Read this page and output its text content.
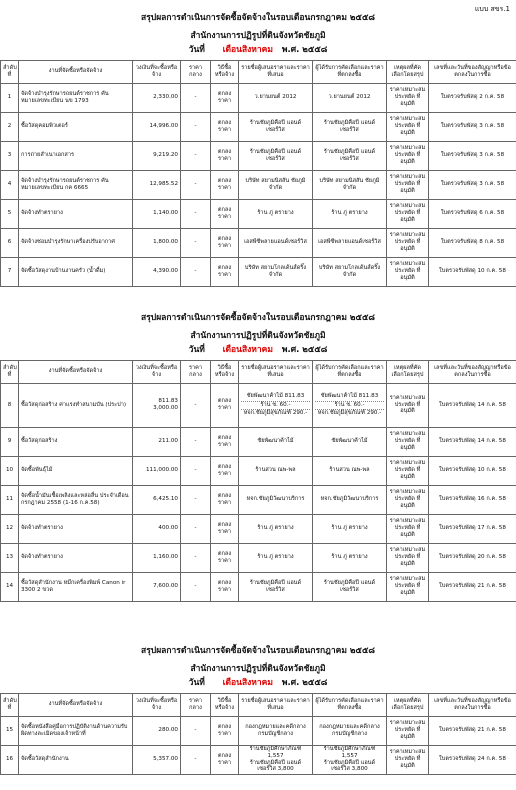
แบบ สขร.1
สรุปผลการดำเนินการจัดซื้อจัดจ้างในรอบเดือนกรกฎาคม ๒๕๕๘
สำนักงานการปฏิรูปที่ดินจังหวัดชัยภูมิ
วันที่ เดือนสิงหาคม พ.ศ. ๒๕๕๘
ลำดับที่	งานที่จัดซื้อหรือจัดจ้าง	วงเงินที่จะซื้อหรือจ้าง	ราคากลาง	วิธีซื้อหรือจ้าง	รายชื่อผู้เสนอราคาและราคาที่เสนอ	ผู้ได้รับการคัดเลือกและราคาที่ตกลงซื้อ	เหตุผลที่คัดเลือกโดยสรุป	เลขที่และวันที่ของสัญญาหรือข้อตกลงในการซื้อ
1	จัดจ้างบำรุงรักษารถยนต์ราชการ คันหมายเลขทะเบียน นข 1793	2,330.00	-	ตกลงราคา	ว.ยานยนต์ 2012	ว.ยานยนต์ 2012	ราคาเหมาะสมประหยัด ที่อนุมัติ	ใบตรวจรับพัสดุ 2 ก.ค. 58
2	ซื้อวัสดุคอมพิวเตอร์	14,996.00	-	ตกลงราคา	ร้านชัยภูมิคือปี แอนด์ เซอร์วิส	ร้านชัยภูมิคือปี แอนด์ เซอร์วิส	ราคาเหมาะสมประหยัด ที่อนุมัติ	ใบตรวจรับพัสดุ 3 ก.ค. 58
3	การถ่ายสำเนาเอกสาร	9,219.20	-	ตกลงราคา	ร้านชัยภูมิคือปี แอนด์ เซอร์วิส	ร้านชัยภูมิคือปี แอนด์ เซอร์วิส	ราคาเหมาะสมประหยัด ที่อนุมัติ	ใบตรวจรับพัสดุ 3 ก.ค. 58
4	จัดจ้างบำรุงรักษารถยนต์ราชการ คันหมายเลขทะเบียน กค 6665	12,985.52	-	ตกลงราคา	บริษัท สยามนิสสัน ชัยภูมิ จำกัด	บริษัท สยามนิสสัน ชัยภูมิ จำกัด	ราคาเหมาะสมประหยัด ที่อนุมัติ	ใบตรวจรับพัสดุ 3 ก.ค. 58
5	จัดจ้างทำตรายาง	1,140.00	-	ตกลงราคา	ร้าน ภู่ ตรายาง	ร้าน ภู่ ตรายาง	ราคาเหมาะสมประหยัด ที่อนุมัติ	ใบตรวจรับพัสดุ 6 ก.ค. 58
6	จัดจ้างซ่อมบำรุงรักษาเครื่องปรับอากาศ	1,800.00	-	ตกลงราคา	เอสพีซีพลายแอนด์เซอร์วิส	เอสพีซีพลายแอนด์เซอร์วิส	ราคาเหมาะสมประหยัด ที่อนุมัติ	ใบตรวจรับพัสดุ 8 ก.ค. 58
7	จัดซื้อวัสดุงานบ้านงานครัว (น้ำดื่ม)	4,390.00	-	ตกลงราคา	บริษัท สยามโกลเด้นส์ดริ๊ง จำกัด	บริษัท สยามโกลเด้นส์ดริ๊ง จำกัด	ราคาเหมาะสมประหยัด ที่อนุมัติ	ใบตรวจรับพัสดุ 10 ก.ค. 58
สรุปผลการดำเนินการจัดซื้อจัดจ้างในรอบเดือนกรกฎาคม ๒๕๕๘
สำนักงานการปฏิรูปที่ดินจังหวัดชัยภูมิ
วันที่ เดือนสิงหาคม พ.ศ. ๒๕๕๘
ลำดับที่	งานที่จัดซื้อหรือจัดจ้าง	วงเงินที่จะซื้อหรือจ้าง	ราคากลาง	วิธีซื้อหรือจ้าง	รายชื่อผู้เสนอราคาและราคาที่เสนอ	ผู้ได้รับการคัดเลือกและราคาที่ตกลงซื้อ	เหตุผลที่คัดเลือกโดยสรุป	เลขที่และวันที่ของสัญญาหรือข้อตกลงในการซื้อ
8	ซื้อวัสดุก่อสร้าง ค่าแรงทำสนามบัน (ประปา)	811.83
3,000.00	-	ตกลงราคา	ชัยพัฒนาค้าไม้ 811.83
ร้าน ช. 60.-
หจก.ชัยภูมิสุขภัณฑ์ 290.-	ชัยพัฒนาค้าไม้ 811.83
ร้าน ช. 60.-
หจก.ชัยภูมิสุขภัณฑ์ 290.-	ราคาเหมาะสมประหยัด ที่อนุมัติ	ใบตรวจรับพัสดุ 14 ก.ค. 58
9	ซื้อวัสดุก่อสร้าง	211.00	-	ตกลงราคา	ชัยพัฒนาค้าไม้	ชัยพัฒนาค้าไม้	ราคาเหมาะสมประหยัด ที่อนุมัติ	ใบตรวจรับพัสดุ 14 ก.ค. 58
10	จัดซื้อพันธุ์ไม้	111,000.00	-	ตกลงราคา	ร้านสวน ณพ-พล	ร้านสวน ณพ-พล	ราคาเหมาะสมประหยัด ที่อนุมัติ	ใบตรวจรับพัสดุ 10 ก.ค. 58
11	จัดซื้อน้ำมันเชื้อเพลิงและหล่อลื่น ประจำเดือนกรกฎาคม 2558 (1-16 ก.ค.58)	6,425.10	-	ตกลงราคา	หจก.ชัยภูมิวัฒนาบริการ	หจก.ชัยภูมิวัฒนาบริการ	ราคาเหมาะสมประหยัด ที่อนุมัติ	ใบตรวจรับพัสดุ 16 ก.ค. 58
12	จัดจ้างทำตรายาง	400.00	-	ตกลงราคา	ร้าน ภู่ ตรายาง	ร้าน ภู่ ตรายาง	ราคาเหมาะสมประหยัด ที่อนุมัติ	ใบตรวจรับพัสดุ 17 ก.ค. 58
13	จัดจ้างทำตรายาง	1,160.00	-	ตกลงราคา	ร้าน ภู่ ตรายาง	ร้าน ภู่ ตรายาง	ราคาเหมาะสมประหยัด ที่อนุมัติ	ใบตรวจรับพัสดุ 20 ก.ค. 58
14	ซื้อวัสดุสำนักงาน หมึกเครื่องพิมพ์ Canon ir 3300 2 ขวด	7,600.00	-	ตกลงราคา	ร้านชัยภูมิคือปี แอนด์ เซอร์วิส	ร้านชัยภูมิคือปี แอนด์ เซอร์วิส	ราคาเหมาะสมประหยัด ที่อนุมัติ	ใบตรวจรับพัสดุ 21 ก.ค. 58
สรุปผลการดำเนินการจัดซื้อจัดจ้างในรอบเดือนกรกฎาคม ๒๕๕๘
สำนักงานการปฏิรูปที่ดินจังหวัดชัยภูมิ
วันที่ เดือนสิงหาคม พ.ศ. ๒๕๕๘
ลำดับที่	งานที่จัดซื้อหรือจัดจ้าง	วงเงินที่จะซื้อหรือจ้าง	ราคากลาง	วิธีซื้อหรือจ้าง	รายชื่อผู้เสนอราคาและราคาที่เสนอ	ผู้ได้รับการคัดเลือกและราคาที่ตกลงซื้อ	เหตุผลที่คัดเลือกโดยสรุป	เลขที่และวันที่ของสัญญาหรือข้อตกลงในการซื้อ
15	จัดซื้อหนังสือคู่มือการปฏิบัติงานด้านความรับผิดทางละเมิดของเจ้าหน้าที่	280.00	-	ตกลงราคา	กองกฎหมายและคดีกลาง กรมบัญชีกลาง	กองกฎหมายและคดีกลาง กรมบัญชีกลาง	ราคาเหมาะสมประหยัด ที่อนุมัติ	ใบตรวจรับพัสดุ 21 ก.ค. 58
16	จัดซื้อวัสดุสำนักงาน	5,357.00	-	ตกลงราคา	ร้านชัยภูมิศึกษาภัณฑ์ 1,557
ร้านชัยภูมิคือปี แอนด์ เซอร์วิส 3,800	ร้านชัยภูมิศึกษาภัณฑ์ 1,557
ร้านชัยภูมิคือปี แอนด์ เซอร์วิส 3,800	ราคาเหมาะสมประหยัด ที่อนุมัติ	ใบตรวจรับพัสดุ 24 ก.ค. 58
